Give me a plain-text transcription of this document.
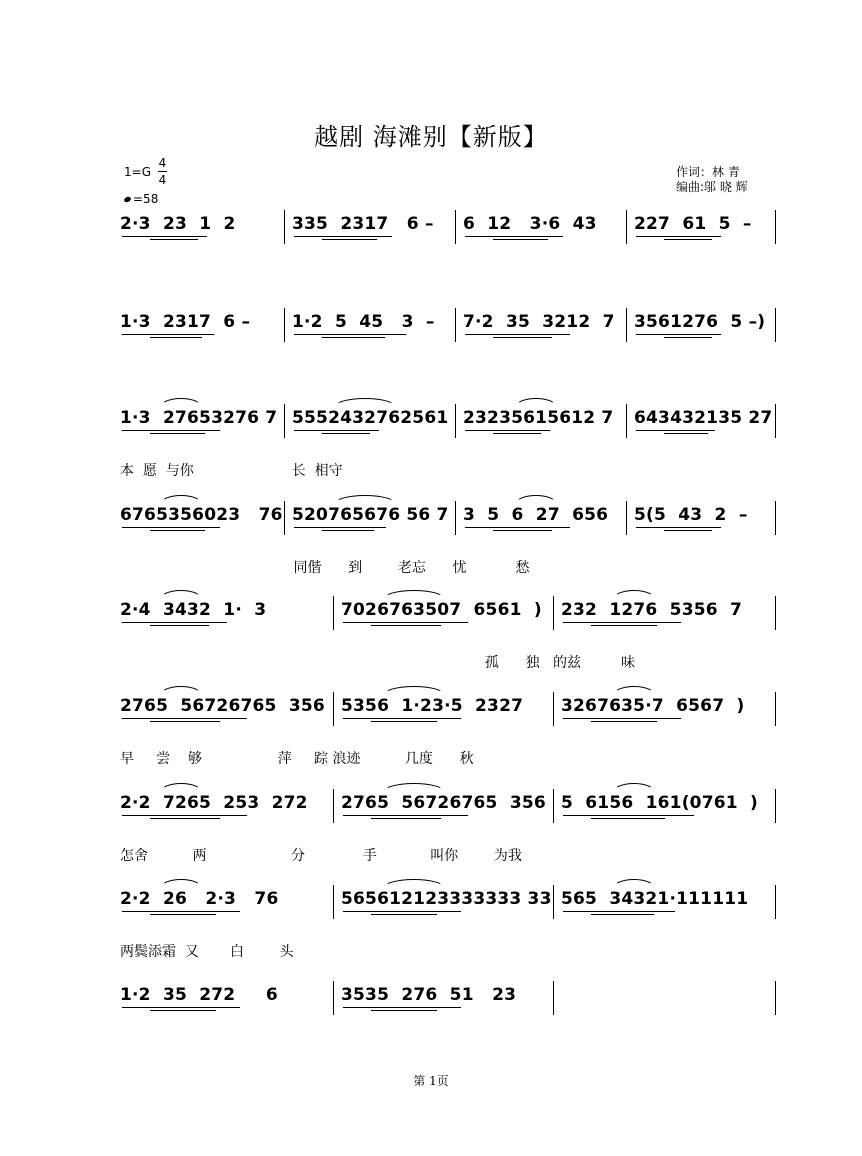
越剧 海滩别【新版】
1=G
4
4
=58
作词：林 青
编曲:邬 晓 辉
2·3  23  1  2	335  2317   6 – 6  12   3·6  43 227  61  5  –
1·3  2317  6 – 1·2  5  45   3  – 7·2  35  3212  7 3561276  5 –)
1·3  27653276 7 5552432762561 23235615612 7 643432135 27
本  愿  与你                      长  相守
6765356023   76 520765676 56 7 3  5  6  27  656 5(5  43  2  –
同偕      到        老忘      忧           愁
2·4  3432  1·  3	7026763507  6561  ) 232  1276  5356  7
孤      独   的兹         味
2765  56726765  356 5356  1·23·5  2327 3267635·7  6567  )
早     尝    够                 萍     踪 浪迹          几度      秋
2·2  7265  253  272 2765  56726765  356 5  6156  161(0761  )
怎舍          两                   分             手            叫你        为我
2·2  26   2·3   76	565612123333333 33 565  34321·111111
两鬓添霜  又       白        头
1·2  35  272     6	3535  276  51   23
第 1页
